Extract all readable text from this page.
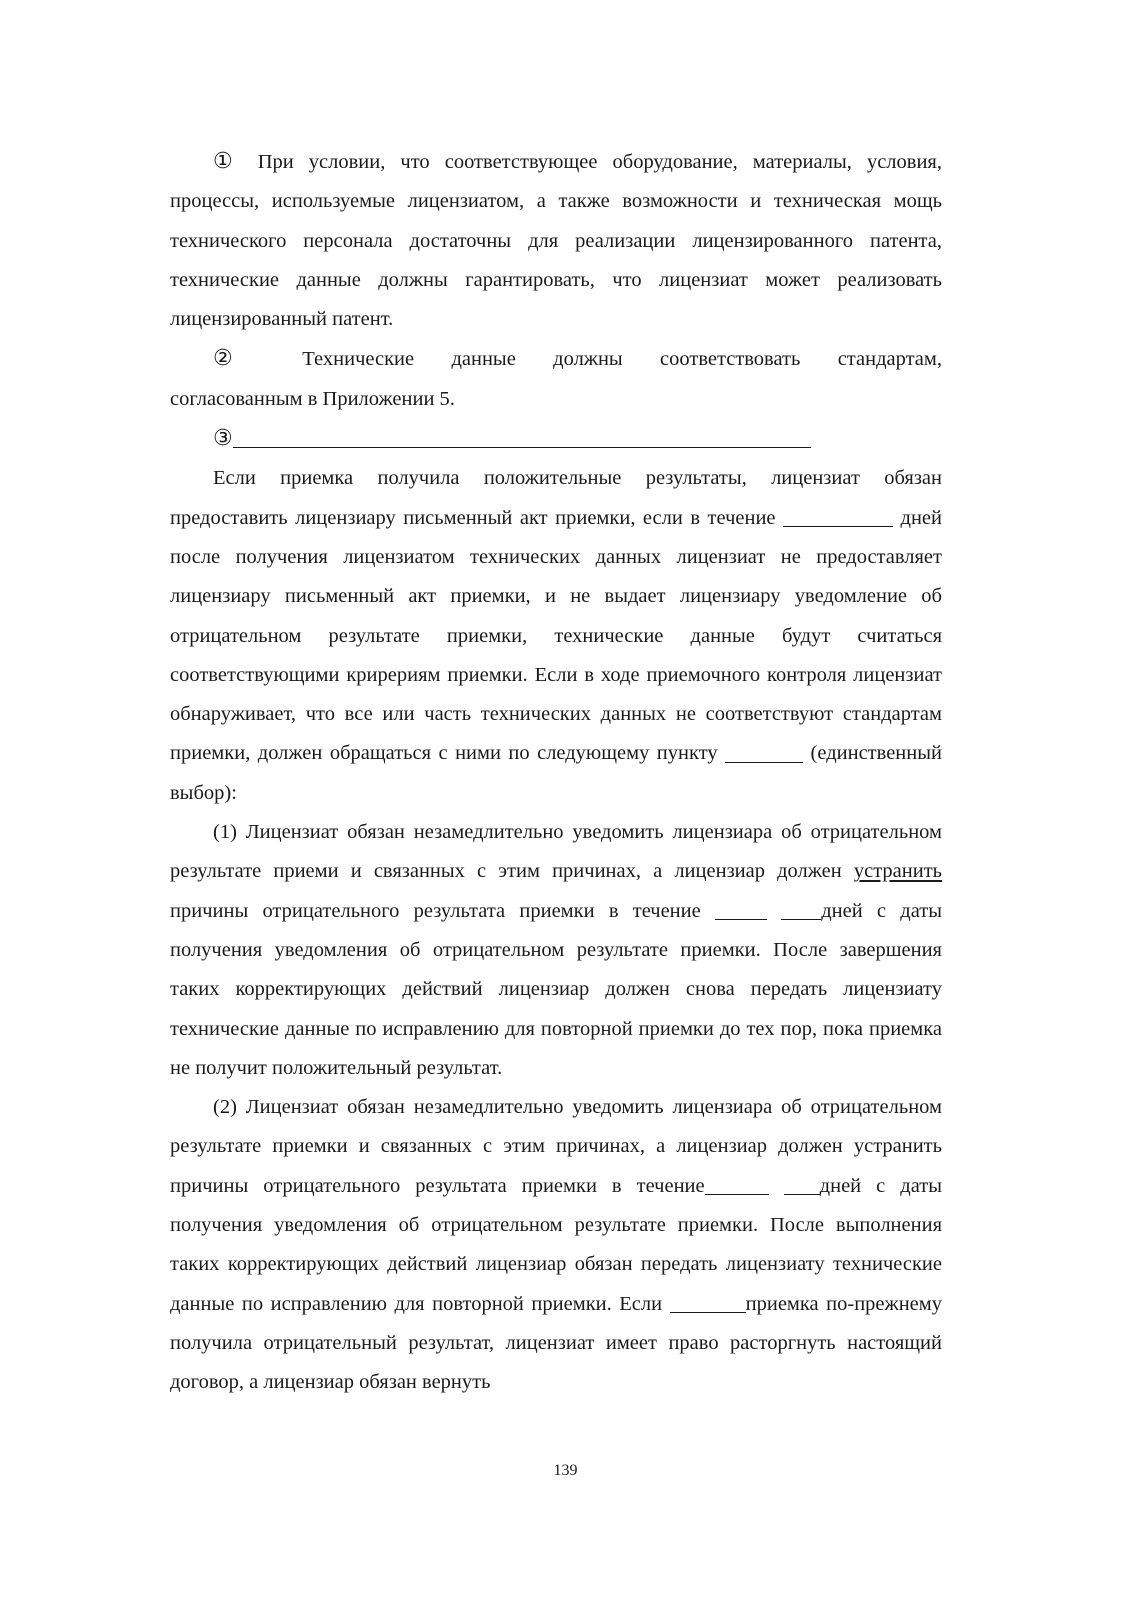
① При условии, что соответствующее оборудование, материалы, условия, процессы, используемые лицензиатом, а также возможности и техническая мощь технического персонала достаточны для реализации лицензированного патента, технические данные должны гарантировать, что лицензиат может реализовать лицензированный патент.

② Технические данные должны соответствовать стандартам,

согласованным в Приложении 5.

③

Если приемка получила положительные результаты, лицензиат обязан предоставить лицензиару письменный акт приемки, если в течение	дней после получения лицензиатом технических данных лицензиат не предоставляет лицензиару письменный акт приемки, и не выдает лицензиару уведомление об отрицательном результате приемки, технические данные будут считаться соответствующими крирериям приемки. Если в ходе приемочного контроля лицензиат обнаруживает, что все или часть технических данных не соответствуют стандартам приемки, должен обращаться с ними по следующему пункту	(единственный выбор):

(1) Лицензиат обязан незамедлительно уведомить лицензиара об отрицательном результате приеми и связанных с этим причинах, а лицензиар должен устранить причины отрицательного результата приемки в течение	дней с даты получения уведомления об отрицательном результате приемки. После завершения таких корректирующих действий лицензиар должен снова передать лицензиату технические данные по исправлению для повторной приемки до тех пор, пока приемка не получит положительный результат.

(2) Лицензиат обязан незамедлительно уведомить лицензиара об отрицательном результате приемки и связанных с этим причинах, а лицензиар должен устранить причины отрицательного результата приемки в течение	дней с даты получения уведомления об отрицательном результате приемки. После выполнения таких корректирующих действий лицензиар обязан передать лицензиату технические данные по исправлению для повторной приемки. Если	приемка по-прежнему получила отрицательный результат, лицензиат имеет право расторгнуть настоящий договор, а лицензиар обязан вернуть

139
